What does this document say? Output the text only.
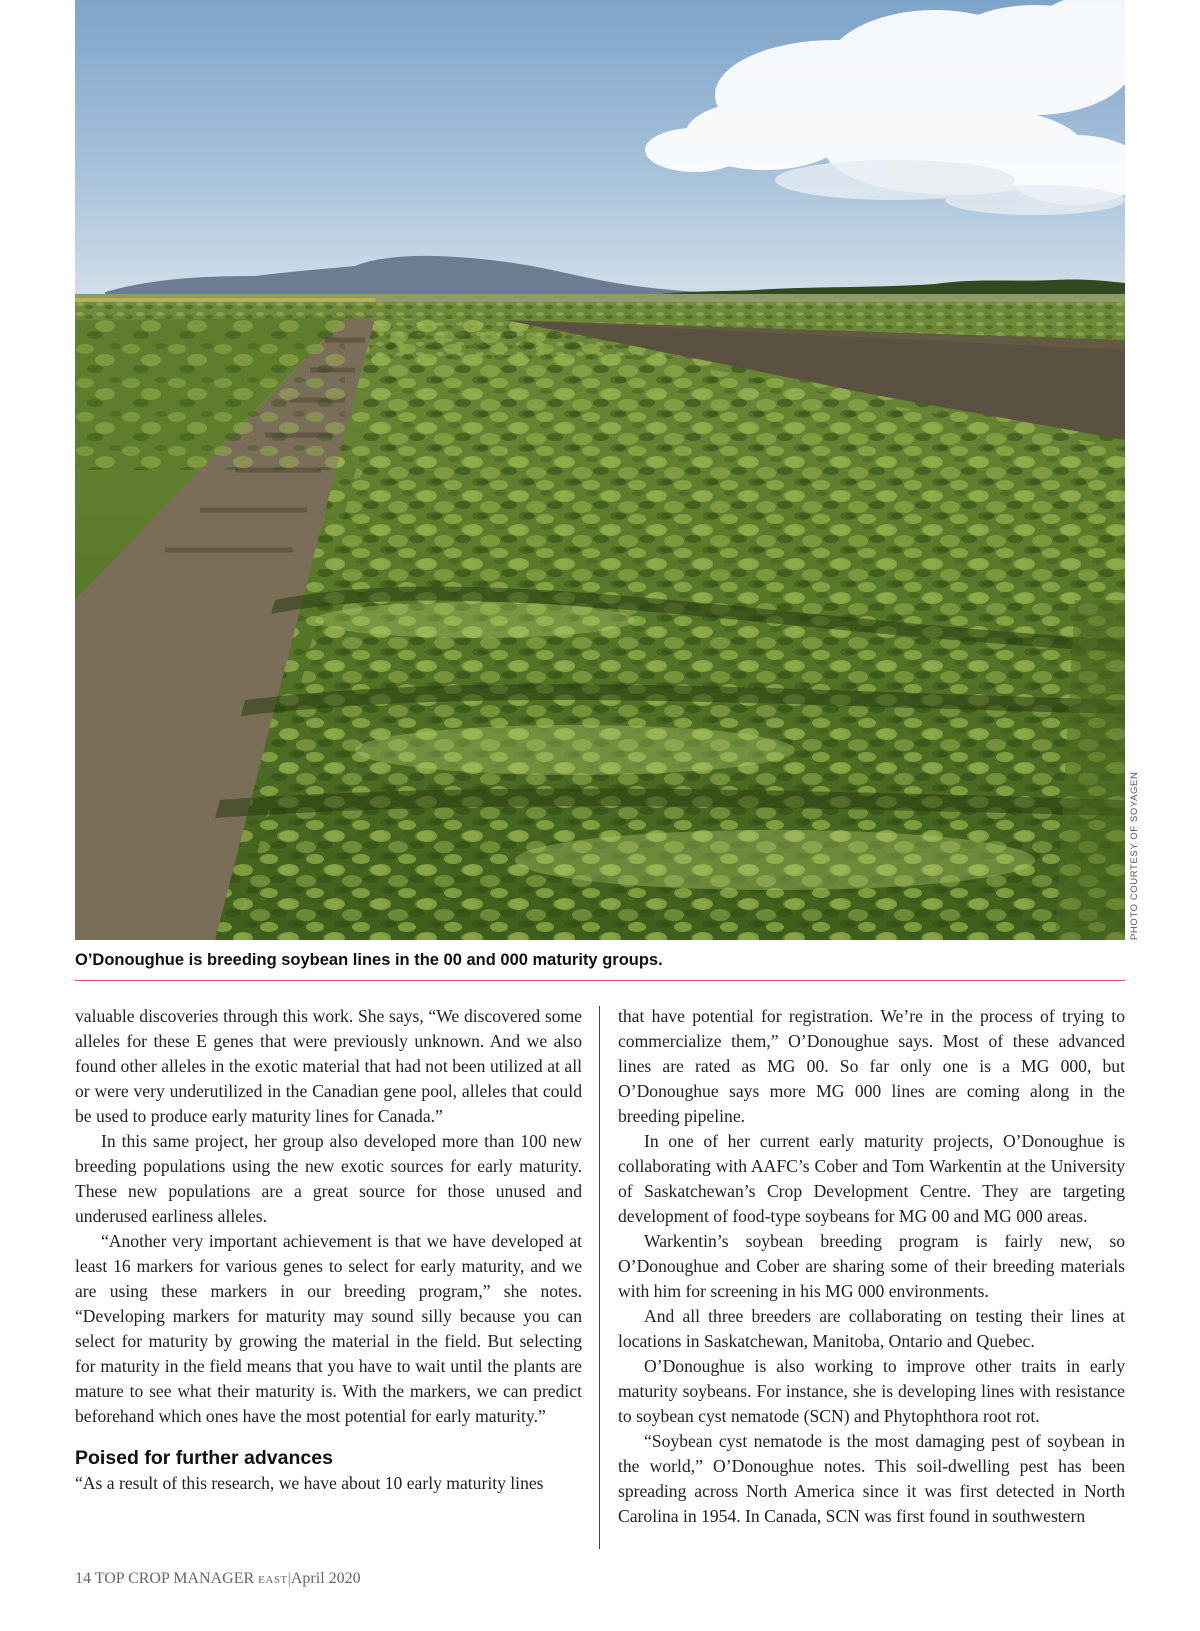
PHOTO COURTESY OF SOYAGEN
O’Donoughue is breeding soybean lines in the 00 and 000 maturity groups.

valuable discoveries through this work. She says, “We discovered some alleles for these E genes that were previously unknown. And we also found other alleles in the exotic material that had not been utilized at all or were very underutilized in the Canadian gene pool, alleles that could be used to produce early maturity lines for Canada.”

In this same project, her group also developed more than 100 new breeding populations using the new exotic sources for early maturity. These new populations are a great source for those unused and underused earliness alleles.

“Another very important achievement is that we have developed at least 16 markers for various genes to select for early maturity, and we are using these markers in our breeding program,” she notes. “Developing markers for maturity may sound silly because you can select for maturity by growing the material in the field. But selecting for maturity in the field means that you have to wait until the plants are mature to see what their maturity is. With the markers, we can predict beforehand which ones have the most potential for early maturity.”

Poised for further advances

“As a result of this research, we have about 10 early maturity lines

that have potential for registration. We’re in the process of trying to commercialize them,” O’Donoughue says. Most of these advanced lines are rated as MG 00. So far only one is a MG 000, but O’Donoughue says more MG 000 lines are coming along in the breeding pipeline.

In one of her current early maturity projects, O’Donoughue is collaborating with AAFC’s Cober and Tom Warkentin at the University of Saskatchewan’s Crop Development Centre. They are targeting development of food-type soybeans for MG 00 and MG 000 areas.

Warkentin’s soybean breeding program is fairly new, so O’Donoughue and Cober are sharing some of their breeding materials with him for screening in his MG 000 environments.

And all three breeders are collaborating on testing their lines at locations in Saskatchewan, Manitoba, Ontario and Quebec.

O’Donoughue is also working to improve other traits in early maturity soybeans. For instance, she is developing lines with resistance to soybean cyst nematode (SCN) and Phytophthora root rot.

“Soybean cyst nematode is the most damaging pest of soybean in the world,” O’Donoughue notes. This soil-dwelling pest has been spreading across North America since it was first detected in North Carolina in 1954. In Canada, SCN was first found in southwestern

14 TOP CROP MANAGER EAST|April 2020
